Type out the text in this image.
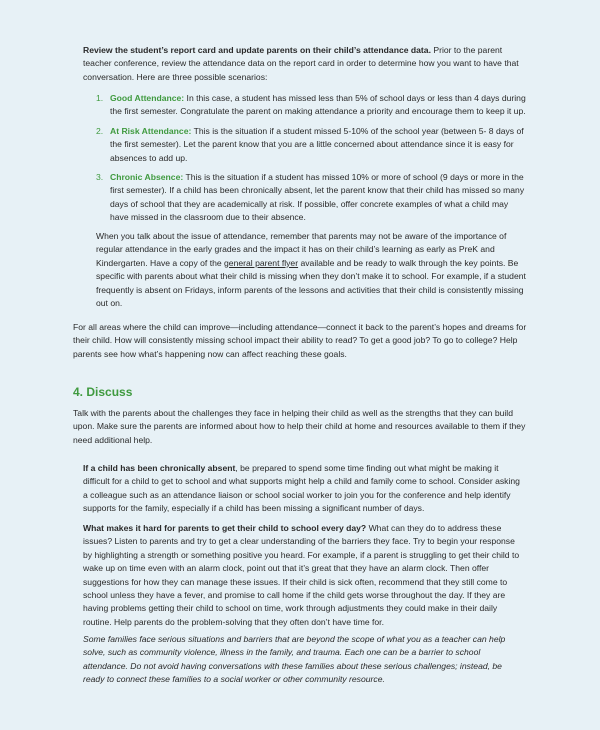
Review the student’s report card and update parents on their child’s attendance data. Prior to the parent teacher conference, review the attendance data on the report card in order to determine how you want to have that conversation. Here are three possible scenarios:

1. Good Attendance: In this case, a student has missed less than 5% of school days or less than 4 days during the first semester. Congratulate the parent on making attendance a priority and encourage them to keep it up.

2. At Risk Attendance: This is the situation if a student missed 5-10% of the school year (between 5- 8 days of the first semester). Let the parent know that you are a little concerned about attendance since it is easy for absences to add up.

3. Chronic Absence: This is the situation if a student has missed 10% or more of school (9 days or more in the first semester). If a child has been chronically absent, let the parent know that their child has missed so many days of school that they are academically at risk. If possible, offer concrete examples of what a child may have missed in the classroom due to their absence.

When you talk about the issue of attendance, remember that parents may not be aware of the importance of regular attendance in the early grades and the impact it has on their child’s learning as early as PreK and Kindergarten. Have a copy of the general parent flyer available and be ready to walk through the key points. Be specific with parents about what their child is missing when they don’t make it to school. For example, if a student frequently is absent on Fridays, inform parents of the lessons and activities that their child is consistently missing out on.

For all areas where the child can improve—including attendance—connect it back to the parent’s hopes and dreams for their child. How will consistently missing school impact their ability to read? To get a good job? To go to college? Help parents see how what’s happening now can affect reaching these goals.

4. Discuss

Talk with the parents about the challenges they face in helping their child as well as the strengths that they can build upon. Make sure the parents are informed about how to help their child at home and resources available to them if they need additional help.

If a child has been chronically absent, be prepared to spend some time finding out what might be making it difficult for a child to get to school and what supports might help a child and family come to school. Consider asking a colleague such as an attendance liaison or school social worker to join you for the conference and help identify supports for the family, especially if a child has been missing a significant number of days.

What makes it hard for parents to get their child to school every day? What can they do to address these issues? Listen to parents and try to get a clear understanding of the barriers they face. Try to begin your response by highlighting a strength or something positive you heard. For example, if a parent is struggling to get their child to wake up on time even with an alarm clock, point out that it’s great that they have an alarm clock. Then offer suggestions for how they can manage these issues. If their child is sick often, recommend that they still come to school unless they have a fever, and promise to call home if the child gets worse throughout the day. If they are having problems getting their child to school on time, work through adjustments they could make in their daily routine. Help parents do the problem-solving that they often don’t have time for.

Some families face serious situations and barriers that are beyond the scope of what you as a teacher can help solve, such as community violence, illness in the family, and trauma. Each one can be a barrier to school attendance. Do not avoid having conversations with these families about these serious challenges; instead, be ready to connect these families to a social worker or other community resource.
